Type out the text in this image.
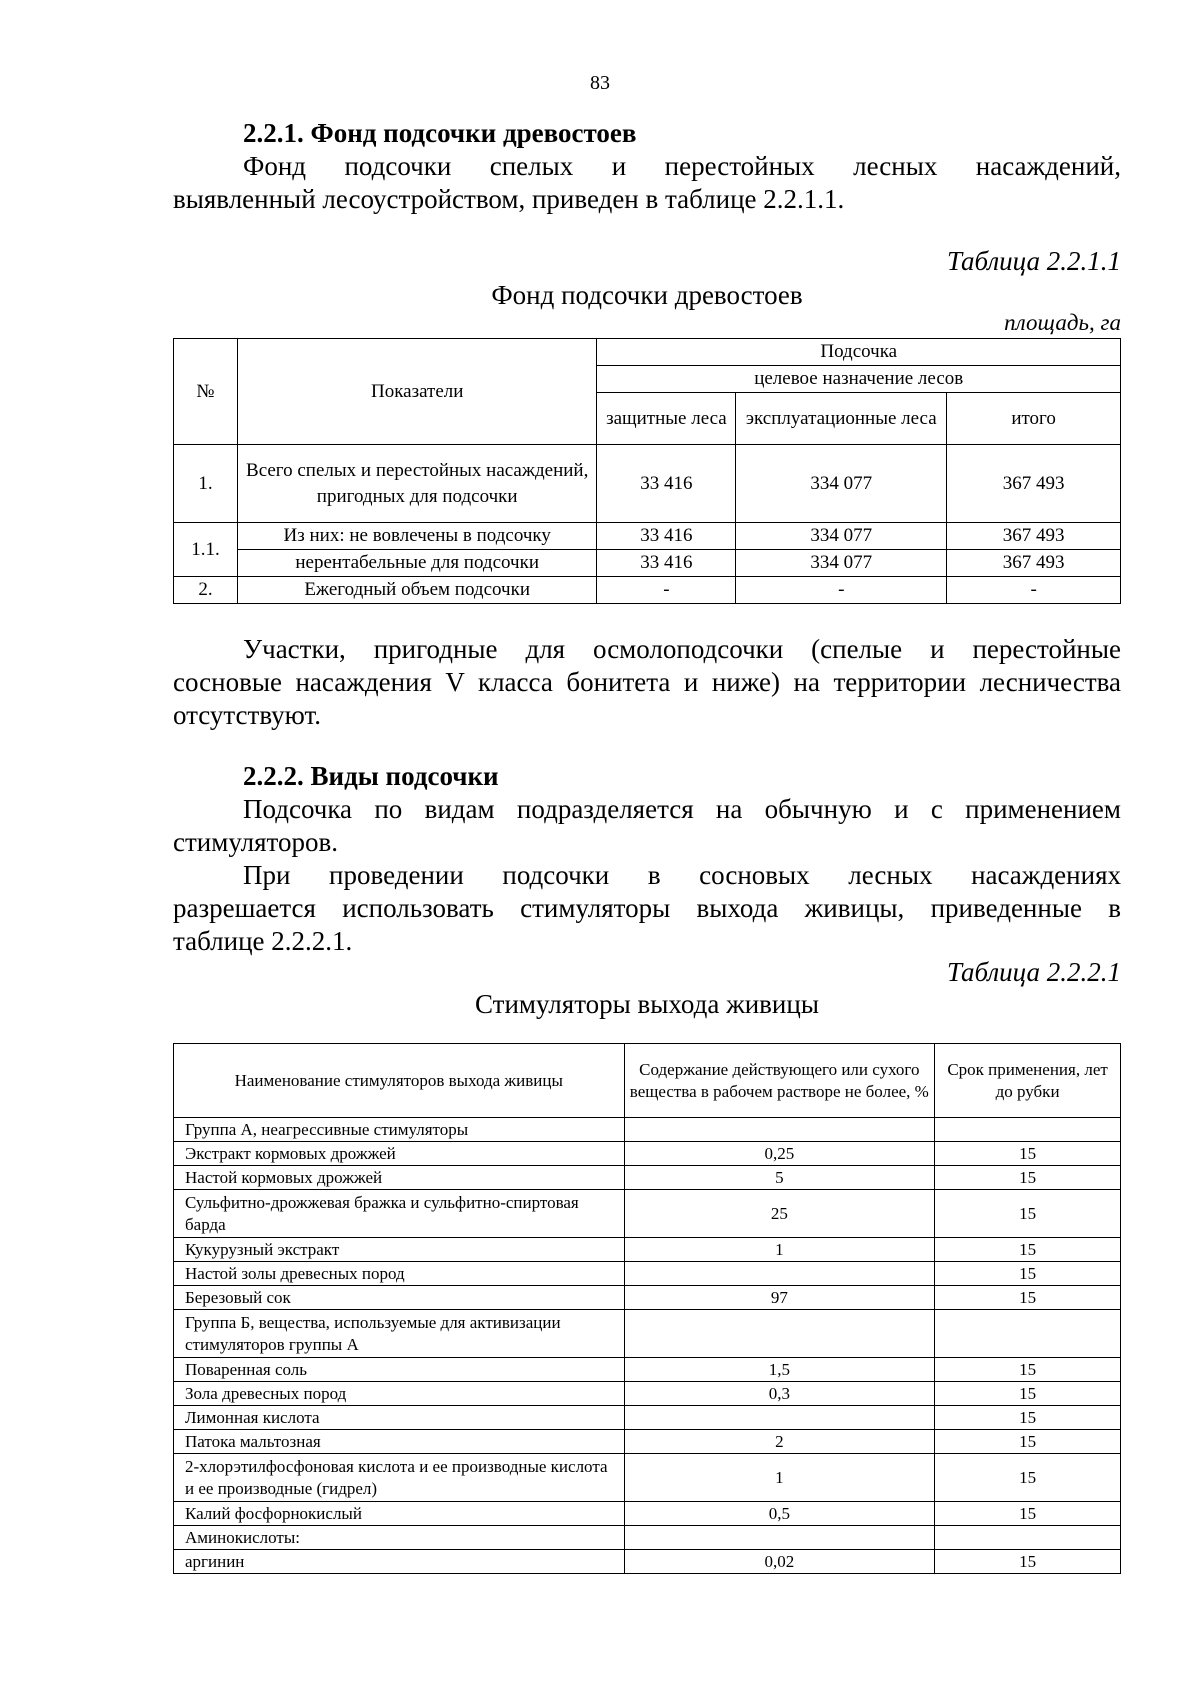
83
2.2.1. Фонд подсочки древостоев
Фонд подсочки спелых и перестойных лесных насаждений,
выявленный лесоустройством, приведен в таблице 2.2.1.1.
Таблица 2.2.1.1
Фонд подсочки древостоев
площадь, га
№	Показатели	Подсочка		
		целевое назначение лесов		
		защитные леса	эксплуатационные леса	итого
1.	Всего спелых и перестойных насаждений, пригодных для подсочки	33 416	334 077	367 493
1.1.	Из них: не вовлечены в подсочку	33 416	334 077	367 493
	нерентабельные для подсочки	33 416	334 077	367 493
2.	Ежегодный объем подсочки	-	-	-
Участки, пригодные для осмолоподсочки (спелые и перестойные
сосновые насаждения V класса бонитета и ниже) на территории лесничества
отсутствуют.
2.2.2. Виды подсочки
Подсочка по видам подразделяется на обычную и с применением
стимуляторов.
При проведении подсочки в сосновых лесных насаждениях
разрешается использовать стимуляторы выхода живицы, приведенные в
таблице 2.2.2.1.
Таблица 2.2.2.1
Стимуляторы выхода живицы
Наименование стимуляторов выхода живицы	Содержание действующего или сухого вещества в рабочем растворе не более, %	Срок применения, лет до рубки
Группа А, неагрессивные стимуляторы		
Экстракт кормовых дрожжей	0,25	15
Настой кормовых дрожжей	5	15
Сульфитно-дрожжевая бражка и сульфитно-спиртовая барда	25	15
Кукурузный экстракт	1	15
Настой золы древесных пород		15
Березовый сок	97	15
Группа Б, вещества, используемые для активизации стимуляторов группы А		
Поваренная соль	1,5	15
Зола древесных пород	0,3	15
Лимонная кислота		15
Патока мальтозная	2	15
2-хлорэтилфосфоновая кислота и ее производные кислота и ее производные (гидрел)	1	15
Калий фосфорнокислый	0,5	15
Аминокислоты:		
аргинин	0,02	15
